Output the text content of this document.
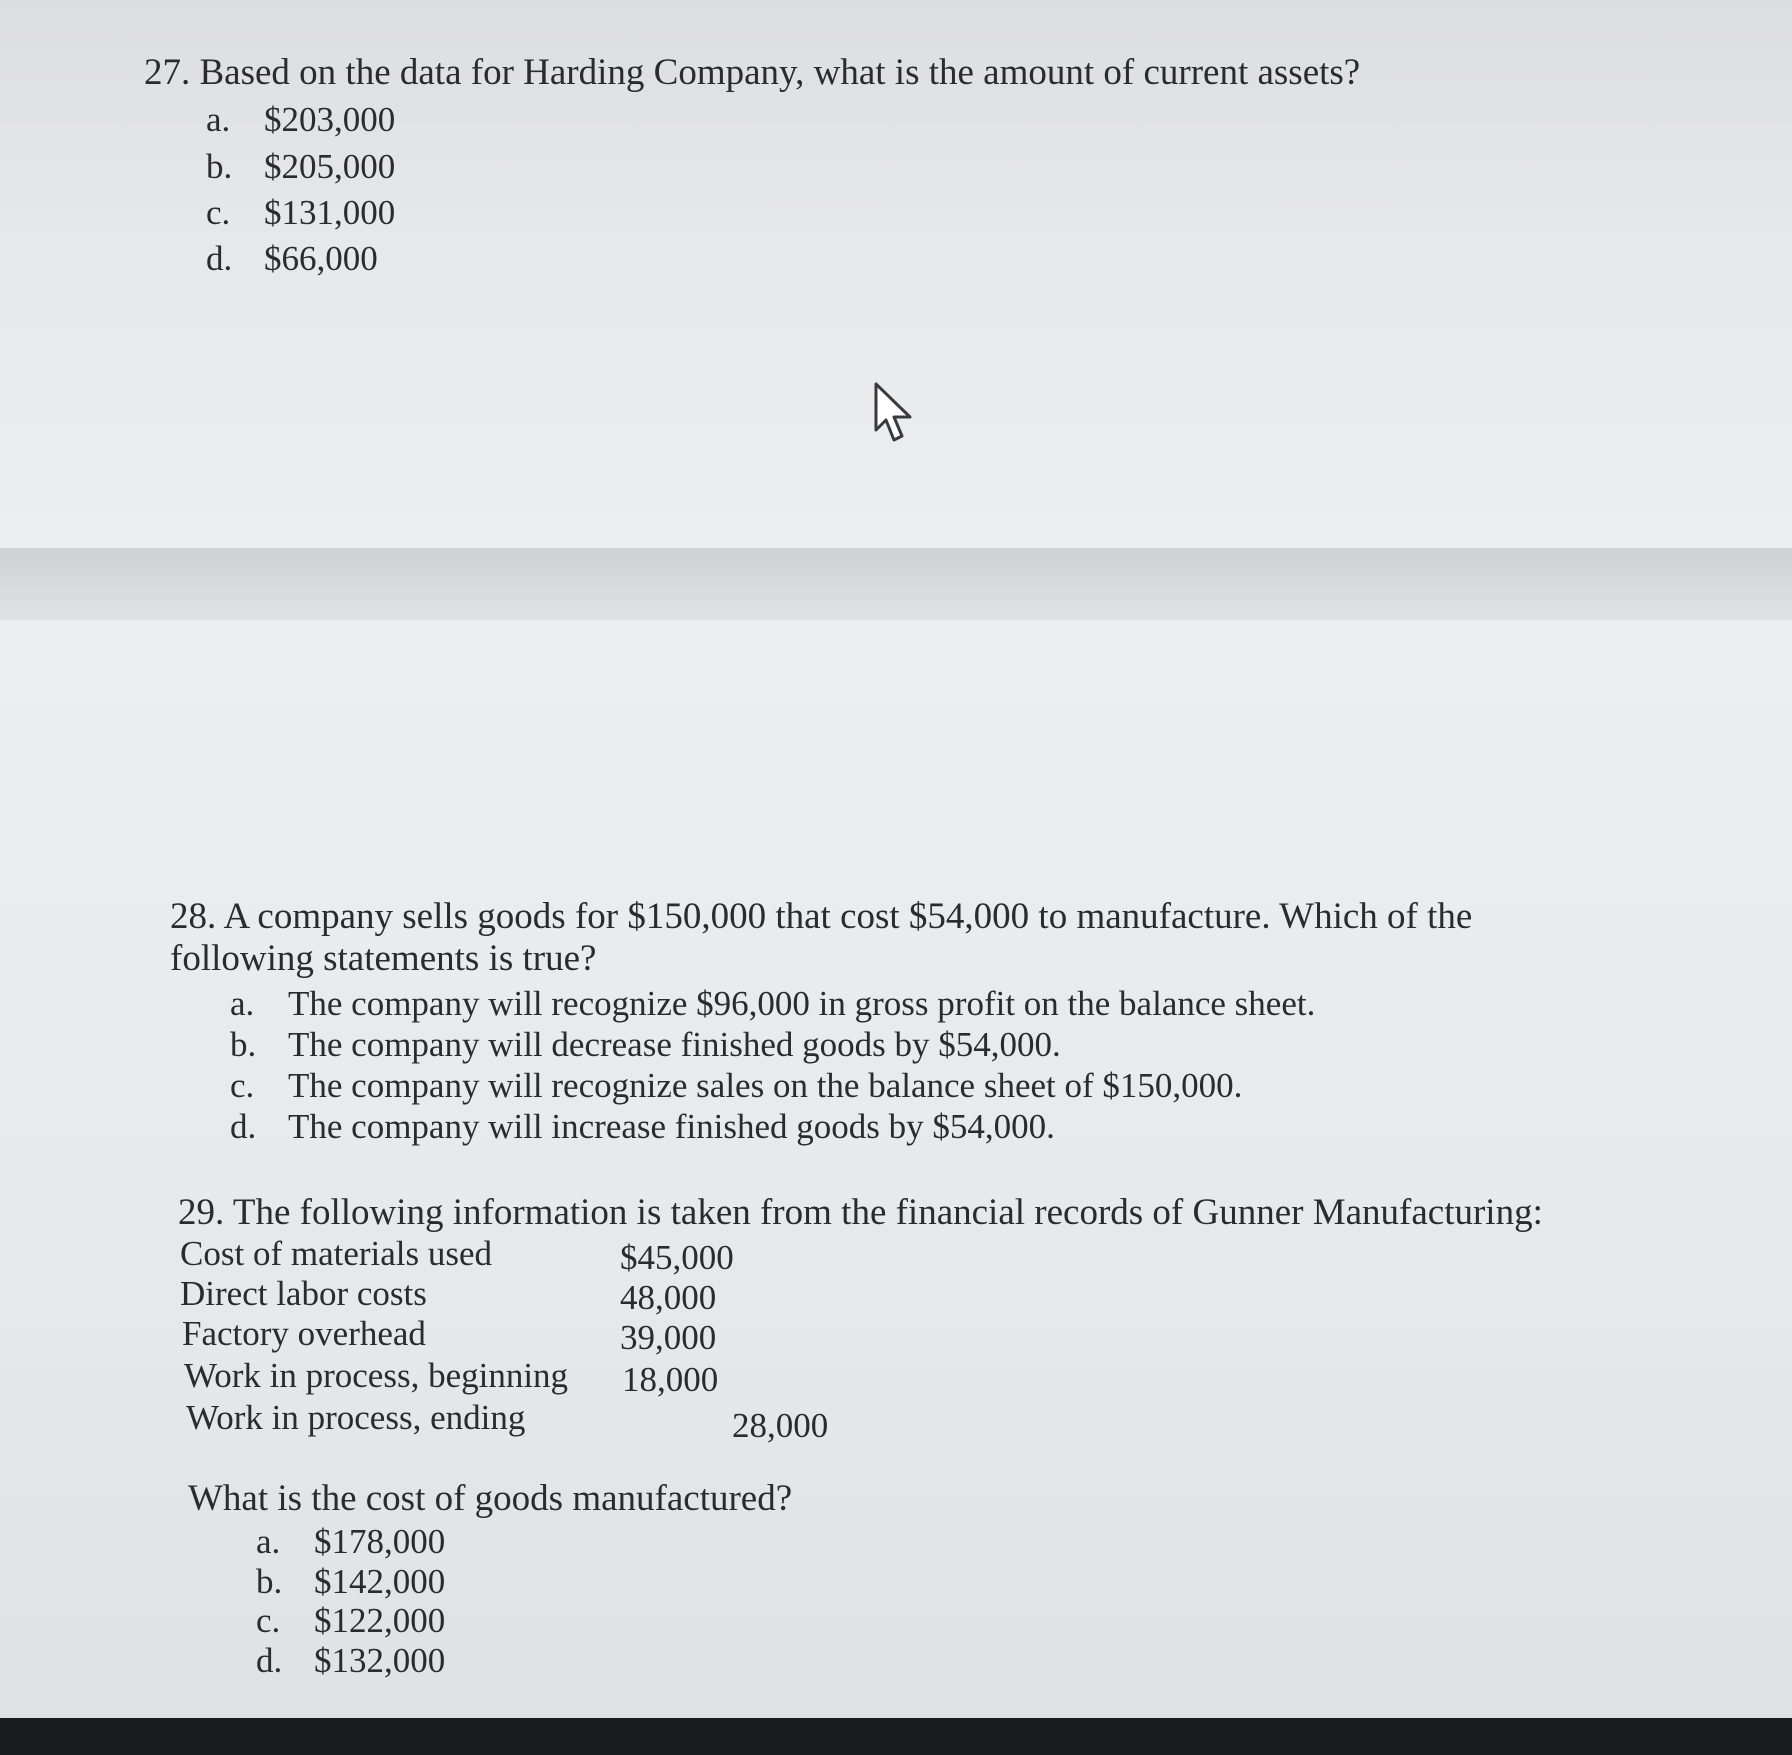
27. Based on the data for Harding Company, what is the amount of current assets?

a. $203,000
b. $205,000
c. $131,000
d. $66,000
28. A company sells goods for $150,000 that cost $54,000 to manufacture. Which of the
following statements is true?
a. The company will recognize $96,000 in gross profit on the balance sheet.
b. The company will decrease finished goods by $54,000.
c. The company will recognize sales on the balance sheet of $150,000.
d. The company will increase finished goods by $54,000.
29. The following information is taken from the financial records of Gunner Manufacturing:
Cost of materials used	$45,000
Direct labor costs	48,000
Factory overhead	39,000
Work in process, beginning 18,000
Work in process, ending	28,000
What is the cost of goods manufactured?
a. $178,000
b. $142,000
c. $122,000
d. $132,000
